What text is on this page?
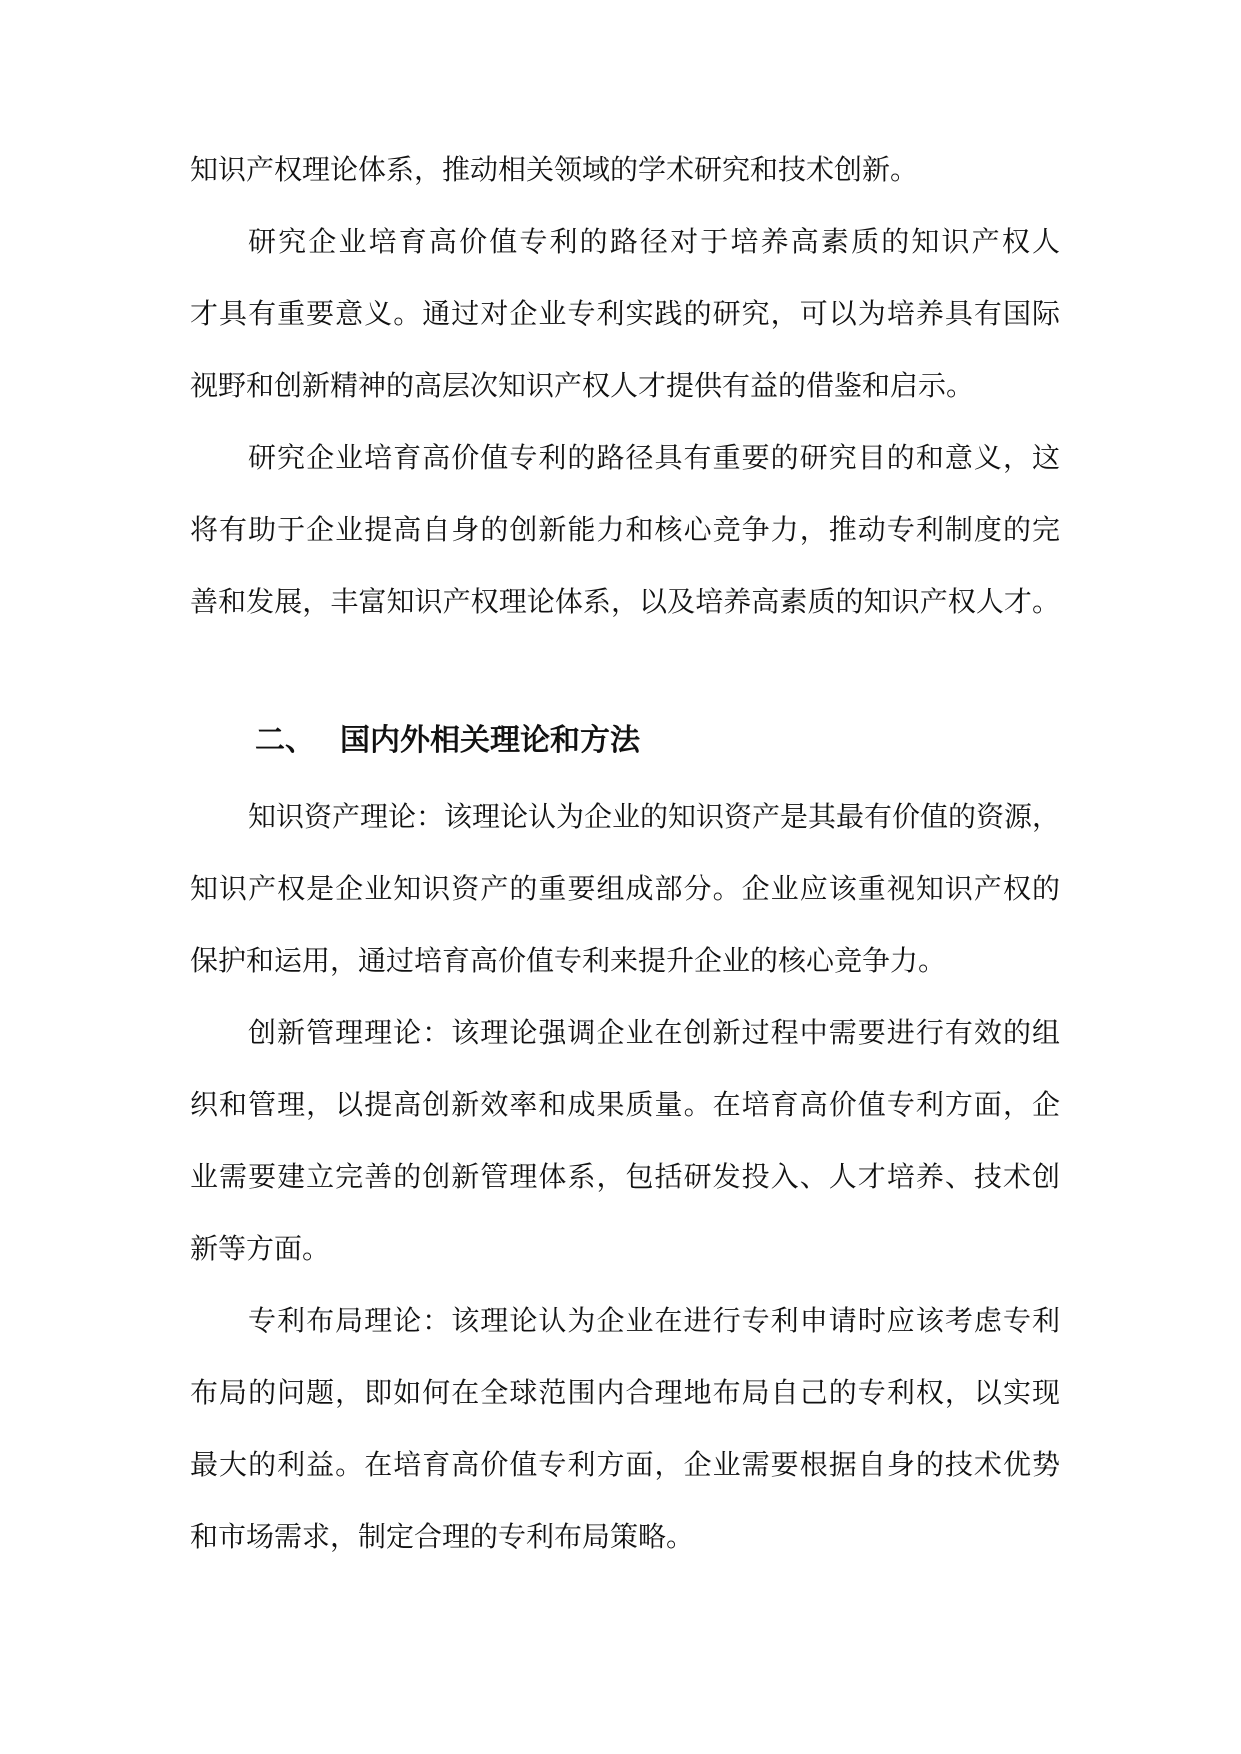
知识产权理论体系，推动相关领域的学术研究和技术创新。
研究企业培育高价值专利的路径对于培养高素质的知识产权人
才具有重要意义。通过对企业专利实践的研究，可以为培养具有国际
视野和创新精神的高层次知识产权人才提供有益的借鉴和启示。
研究企业培育高价值专利的路径具有重要的研究目的和意义，这
将有助于企业提高自身的创新能力和核心竞争力，推动专利制度的完
善和发展，丰富知识产权理论体系，以及培养高素质的知识产权人才。
二、 国内外相关理论和方法
知识资产理论：该理论认为企业的知识资产是其最有价值的资源，
知识产权是企业知识资产的重要组成部分。企业应该重视知识产权的
保护和运用，通过培育高价值专利来提升企业的核心竞争力。
创新管理理论：该理论强调企业在创新过程中需要进行有效的组
织和管理，以提高创新效率和成果质量。在培育高价值专利方面，企
业需要建立完善的创新管理体系，包括研发投入、人才培养、技术创
新等方面。
专利布局理论：该理论认为企业在进行专利申请时应该考虑专利
布局的问题，即如何在全球范围内合理地布局自己的专利权，以实现
最大的利益。在培育高价值专利方面，企业需要根据自身的技术优势
和市场需求，制定合理的专利布局策略。
